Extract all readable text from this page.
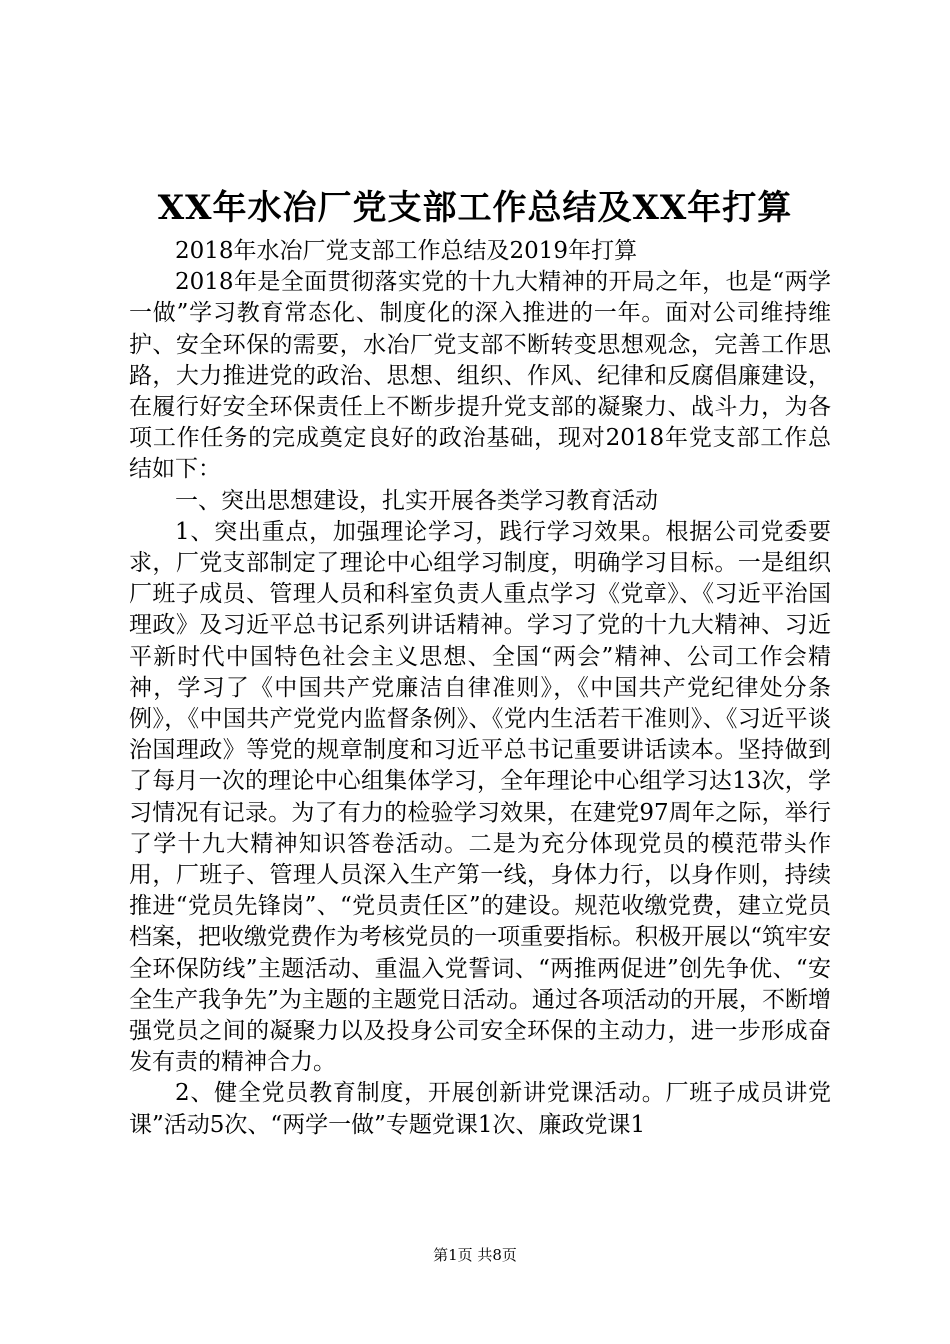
XX年水冶厂党支部工作总结及XX年打算

2018年水冶厂党支部工作总结及2019年打算

2018年是全面贯彻落实党的十九大精神的开局之年，也是“两学一做”学习教育常态化、制度化的深入推进的一年。面对公司维持维护、安全环保的需要，水冶厂党支部不断转变思想观念，完善工作思路，大力推进党的政治、思想、组织、作风、纪律和反腐倡廉建设，在履行好安全环保责任上不断步提升党支部的凝聚力、战斗力，为各项工作任务的完成奠定良好的政治基础，现对2018年党支部工作总结如下：

一、突出思想建设，扎实开展各类学习教育活动

1、突出重点，加强理论学习，践行学习效果。根据公司党委要求，厂党支部制定了理论中心组学习制度，明确学习目标。一是组织厂班子成员、管理人员和科室负责人重点学习《党章》、《习近平治国理政》及习近平总书记系列讲话精神。学习了党的十九大精神、习近平新时代中国特色社会主义思想、全国“两会”精神、公司工作会精神，学习了《中国共产党廉洁自律准则》，《中国共产党纪律处分条例》，《中国共产党党内监督条例》、《党内生活若干准则》、《习近平谈治国理政》等党的规章制度和习近平总书记重要讲话读本。坚持做到了每月一次的理论中心组集体学习，全年理论中心组学习达13次，学习情况有记录。为了有力的检验学习效果，在建党97周年之际，举行了学十九大精神知识答卷活动。二是为充分体现党员的模范带头作用，厂班子、管理人员深入生产第一线，身体力行，以身作则，持续推进“党员先锋岗”、“党员责任区”的建设。规范收缴党费，建立党员档案，把收缴党费作为考核党员的一项重要指标。积极开展以“筑牢安全环保防线”主题活动、重温入党誓词、“两推两促进”创先争优、“安全生产我争先”为主题的主题党日活动。通过各项活动的开展，不断增强党员之间的凝聚力以及投身公司安全环保的主动力，进一步形成奋发有责的精神合力。

2、健全党员教育制度，开展创新讲党课活动。厂班子成员讲党课”活动5次、“两学一做”专题党课1次、廉政党课1

第1页 共8页
